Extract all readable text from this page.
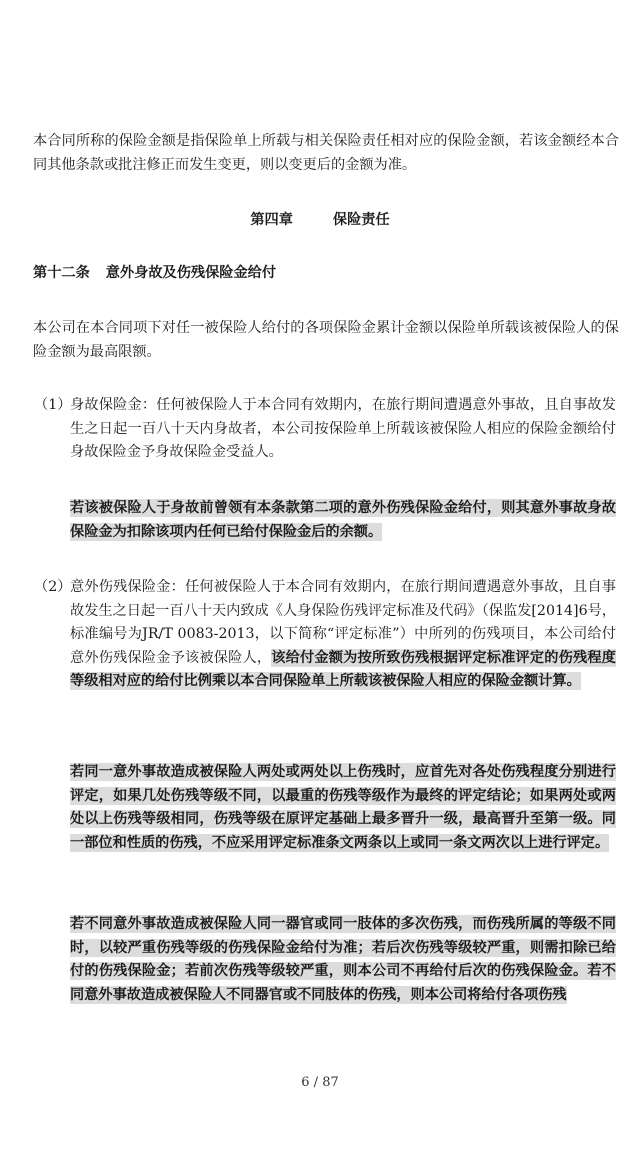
本合同所称的保险金额是指保险单上所载与相关保险责任相对应的保险金额，若该金额经本合同其他条款或批注修正而发生变更，则以变更后的金额为准。

第四章	保险责任
第十二条 意外身故及伤残保险金给付

本公司在本合同项下对任一被保险人给付的各项保险金累计金额以保险单所载该被保险人的保险金额为最高限额。

（1）
身故保险金：任何被保险人于本合同有效期内，在旅行期间遭遇意外事故，且自事故发生之日起一百八十天内身故者，本公司按保险单上所载该被保险人相应的保险金额给付身故保险金予身故保险金受益人。

若该被保险人于身故前曾领有本条款第二项的意外伤残保险金给付，则其意外事故身故保险金为扣除该项内任何已给付保险金后的余额。

（2）
意外伤残保险金：任何被保险人于本合同有效期内，在旅行期间遭遇意外事故，且自事故发生之日起一百八十天内致成《人身保险伤残评定标准及代码》（保监发[2014]6号，标准编号为JR/T 0083-2013，以下简称“评定标准”）中所列的伤残项目，本公司给付意外伤残保险金予该被保险人，该给付金额为按所致伤残根据评定标准评定的伤残程度等级相对应的给付比例乘以本合同保险单上所载该被保险人相应的保险金额计算。

若同一意外事故造成被保险人两处或两处以上伤残时，应首先对各处伤残程度分别进行评定，如果几处伤残等级不同，以最重的伤残等级作为最终的评定结论；如果两处或两处以上伤残等级相同，伤残等级在原评定基础上最多晋升一级，最高晋升至第一级。同一部位和性质的伤残，不应采用评定标准条文两条以上或同一条文两次以上进行评定。

若不同意外事故造成被保险人同一器官或同一肢体的多次伤残，而伤残所属的等级不同时，以较严重伤残等级的伤残保险金给付为准；若后次伤残等级较严重，则需扣除已给付的伤残保险金；若前次伤残等级较严重，则本公司不再给付后次的伤残保险金。若不同意外事故造成被保险人不同器官或不同肢体的伤残，则本公司将给付各项伤残

6 / 87
